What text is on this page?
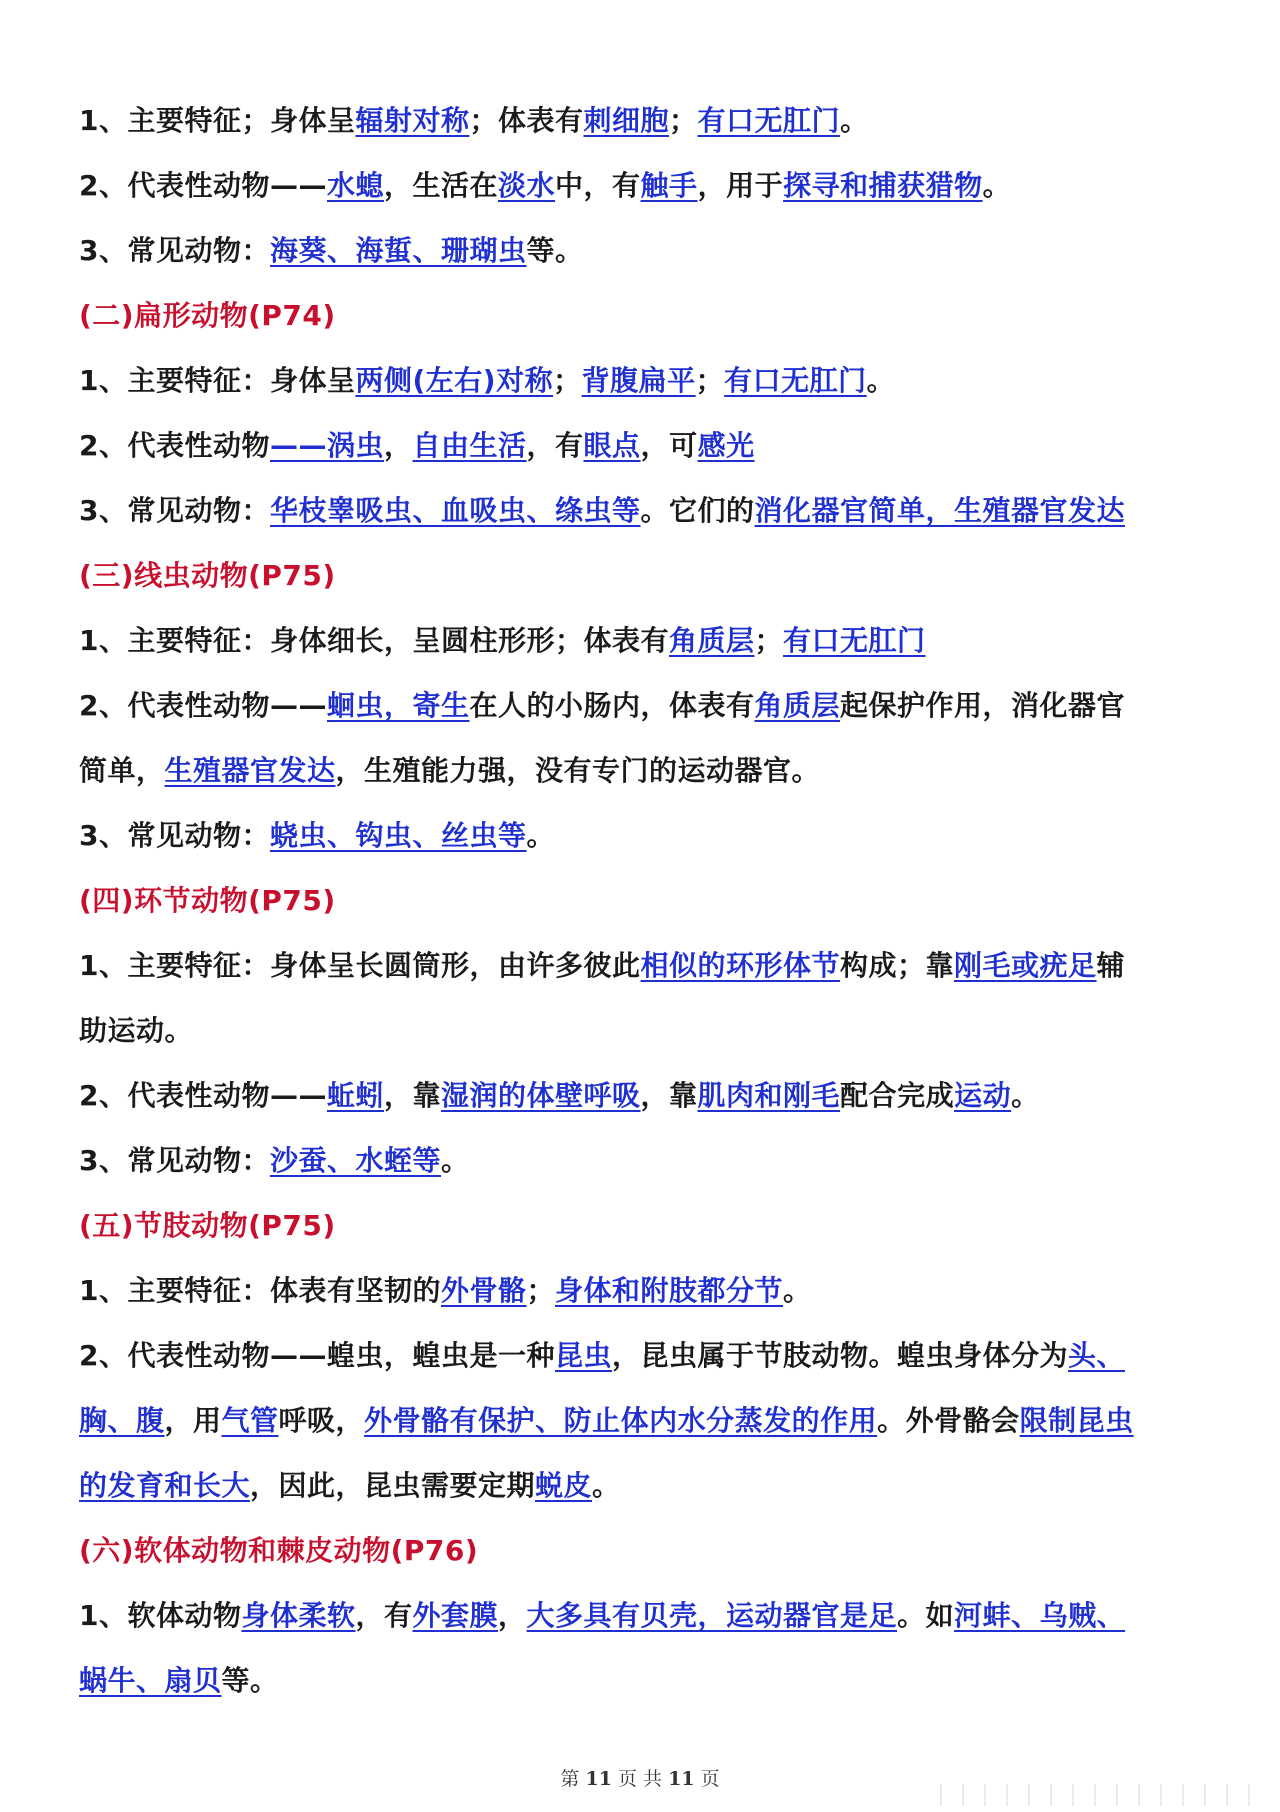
1、主要特征；身体呈辐射对称；体表有刺细胞；有口无肛门。
2、代表性动物——水螅，生活在淡水中，有触手，用于探寻和捕获猎物。
3、常见动物：海葵、海蜇、珊瑚虫等。
(二)扁形动物(P74)
1、主要特征：身体呈两侧(左右)对称；背腹扁平；有口无肛门。
2、代表性动物——涡虫，自由生活，有眼点，可感光
3、常见动物：华枝睾吸虫、血吸虫、绦虫等。它们的消化器官简单，生殖器官发达
(三)线虫动物(P75)
1、主要特征：身体细长，呈圆柱形形；体表有角质层；有口无肛门
2、代表性动物——蛔虫，寄生在人的小肠内，体表有角质层起保护作用，消化器官
简单，生殖器官发达，生殖能力强，没有专门的运动器官。
3、常见动物：蛲虫、钩虫、丝虫等。
(四)环节动物(P75)
1、主要特征：身体呈长圆筒形，由许多彼此相似的环形体节构成；靠刚毛或疣足辅
助运动。
2、代表性动物——蚯蚓，靠湿润的体壁呼吸，靠肌肉和刚毛配合完成运动。
3、常见动物：沙蚕、水蛭等。
(五)节肢动物(P75)
1、主要特征：体表有坚韧的外骨骼；身体和附肢都分节。
2、代表性动物——蝗虫，蝗虫是一种昆虫，昆虫属于节肢动物。蝗虫身体分为头、
胸、腹，用气管呼吸，外骨骼有保护、防止体内水分蒸发的作用。外骨骼会限制昆虫
的发育和长大，因此，昆虫需要定期蜕皮。
(六)软体动物和棘皮动物(P76)
1、软体动物身体柔软，有外套膜，大多具有贝壳，运动器官是足。如河蚌、乌贼、
蜗牛、扇贝等。
第 11 页 共 11 页
